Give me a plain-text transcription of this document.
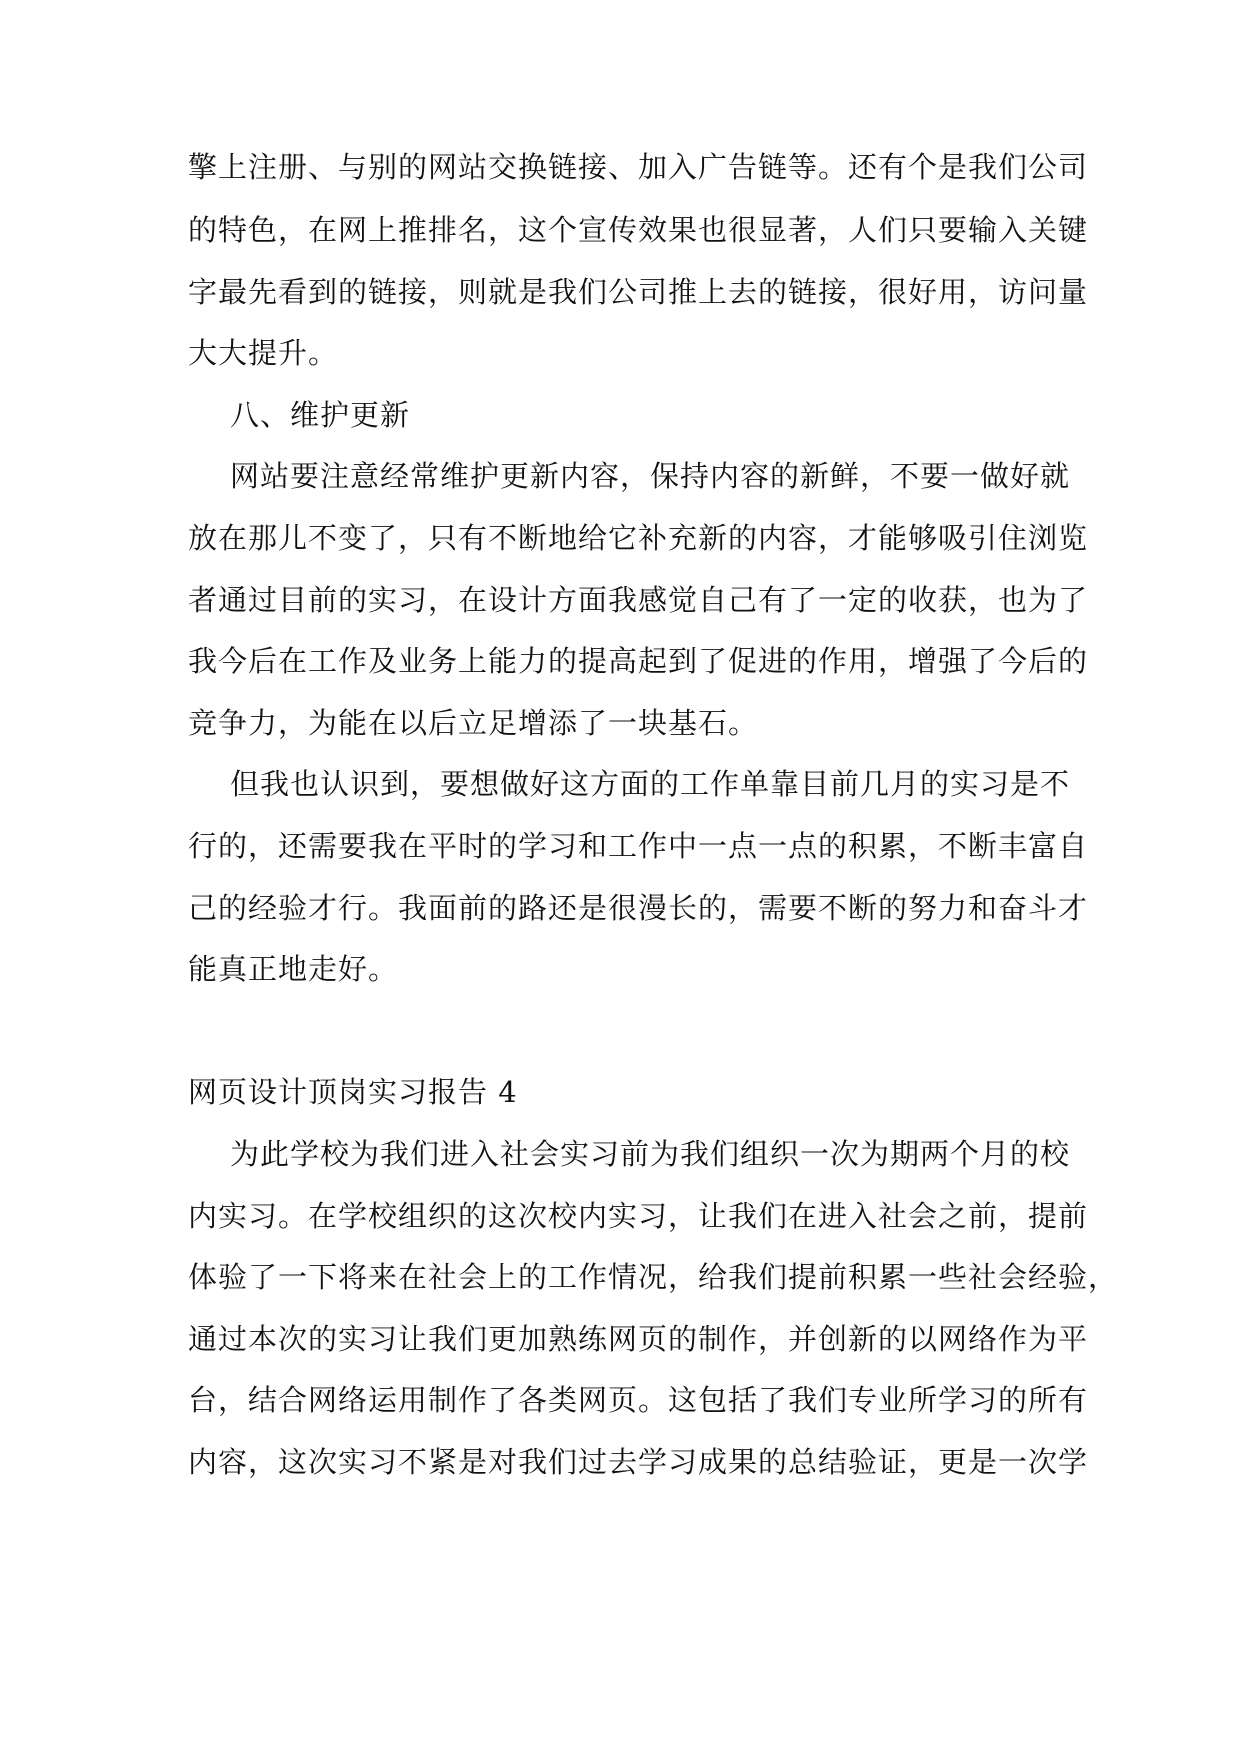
擎上注册、与别的网站交换链接、加入广告链等。还有个是我们公司
的特色，在网上推排名，这个宣传效果也很显著，人们只要输入关键
字最先看到的链接，则就是我们公司推上去的链接，很好用，访问量
大大提升。
八、维护更新
网站要注意经常维护更新内容，保持内容的新鲜，不要一做好就
放在那儿不变了，只有不断地给它补充新的内容，才能够吸引住浏览
者通过目前的实习，在设计方面我感觉自己有了一定的收获，也为了
我今后在工作及业务上能力的提高起到了促进的作用，增强了今后的
竞争力，为能在以后立足增添了一块基石。
但我也认识到，要想做好这方面的工作单靠目前几月的实习是不
行的，还需要我在平时的学习和工作中一点一点的积累，不断丰富自
己的经验才行。我面前的路还是很漫长的，需要不断的努力和奋斗才
能真正地走好。
网页设计顶岗实习报告 4
为此学校为我们进入社会实习前为我们组织一次为期两个月的校
内实习。在学校组织的这次校内实习，让我们在进入社会之前，提前
体验了一下将来在社会上的工作情况，给我们提前积累一些社会经验，
通过本次的实习让我们更加熟练网页的制作，并创新的以网络作为平
台，结合网络运用制作了各类网页。这包括了我们专业所学习的所有
内容，这次实习不紧是对我们过去学习成果的总结验证，更是一次学
